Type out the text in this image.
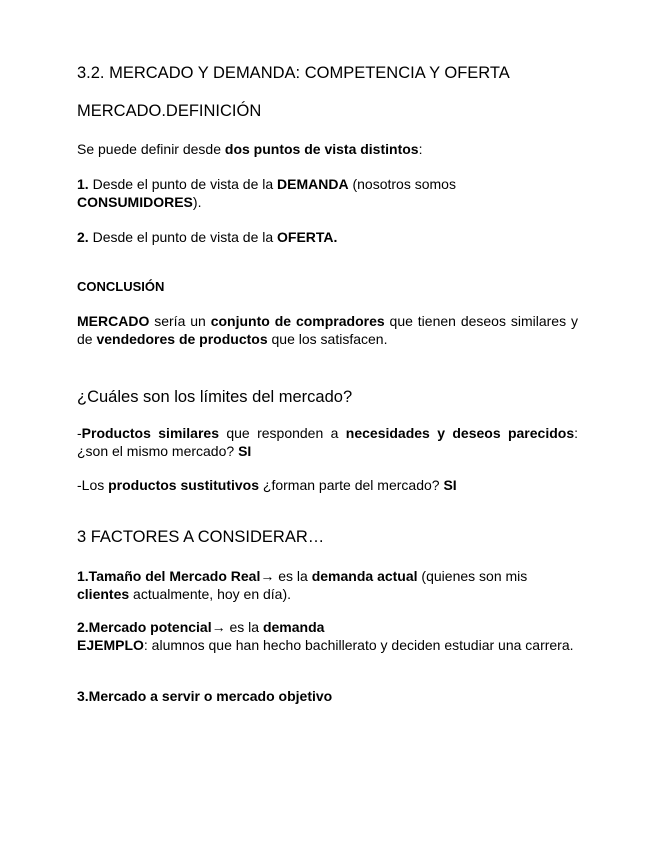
3.2. MERCADO Y DEMANDA: COMPETENCIA Y OFERTA
MERCADO.DEFINICIÓN

Se puede definir desde dos puntos de vista distintos:

1. Desde el punto de vista de la DEMANDA (nosotros somos
CONSUMIDORES).

2. Desde el punto de vista de la OFERTA.

CONCLUSIÓN

MERCADO sería un conjunto de compradores que tienen deseos similares y de vendedores de productos que los satisfacen.

¿Cuáles son los límites del mercado?

-Productos similares que responden a necesidades y deseos parecidos: ¿son el mismo mercado? SI

-Los productos sustitutivos ¿forman parte del mercado? SI

3 FACTORES A CONSIDERAR…

1.Tamaño del Mercado Real→ es la demanda actual (quienes son mis
clientes actualmente, hoy en día).

2.Mercado potencial→ es la demanda

EJEMPLO: alumnos que han hecho bachillerato y deciden estudiar una carrera.

3.Mercado a servir o mercado objetivo
